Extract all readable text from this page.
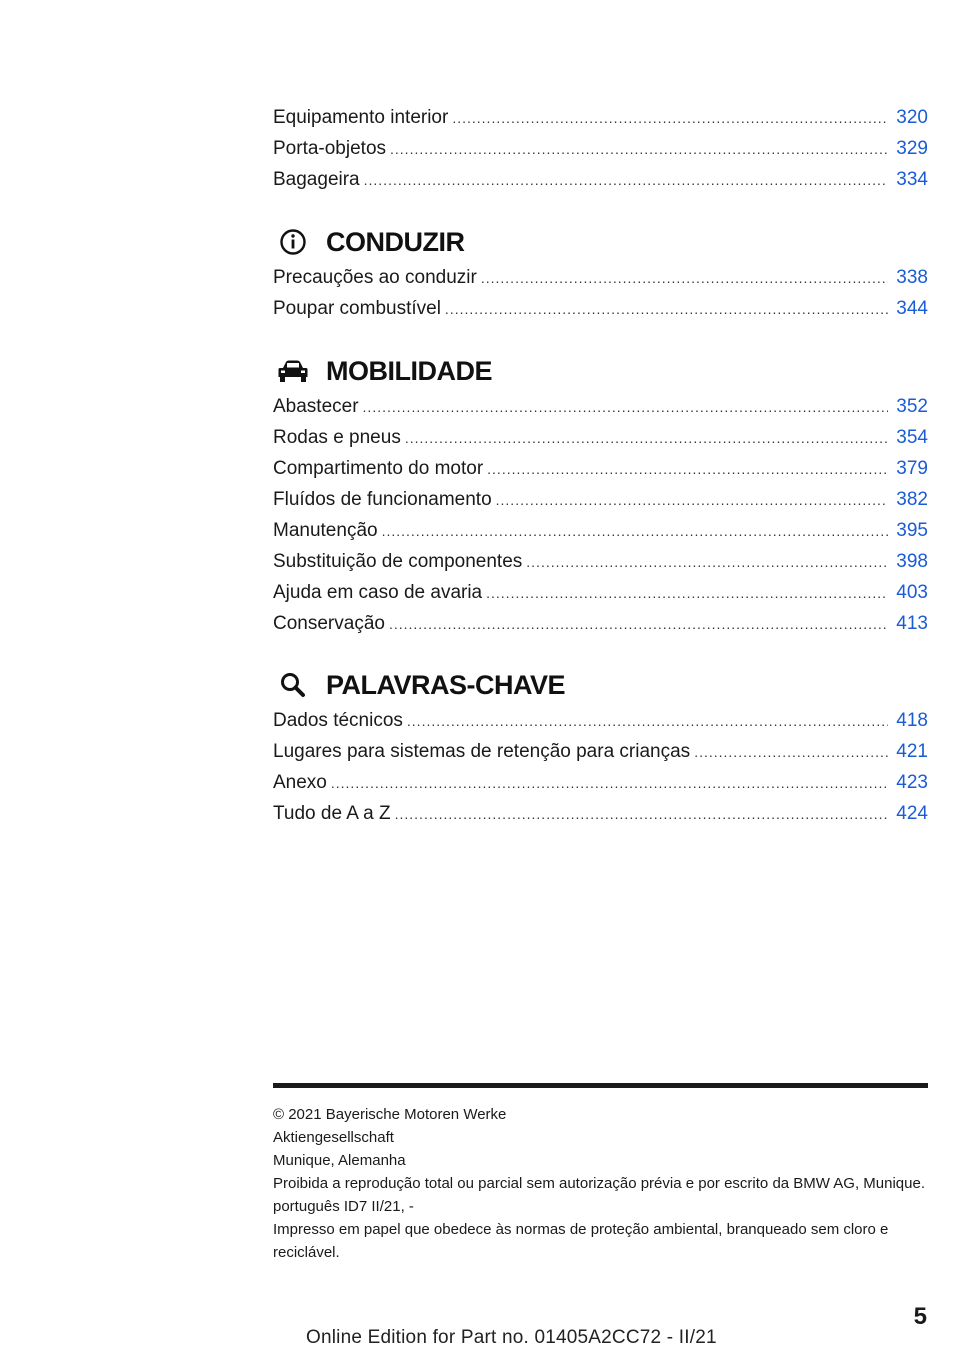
Equipamento interior .....	320
Porta-objetos .....	329
Bagageira .....	334
CONDUZIR
Precauções ao conduzir .....	338
Poupar combustível .....	344
MOBILIDADE
Abastecer .....	352
Rodas e pneus .....	354
Compartimento do motor .....	379
Fluídos de funcionamento .....	382
Manutenção .....	395
Substituição de componentes .....	398
Ajuda em caso de avaria .....	403
Conservação .....	413
PALAVRAS-CHAVE
Dados técnicos .....	418
Lugares para sistemas de retenção para crianças .....	421
Anexo .....	423
Tudo de A a Z .....	424
© 2021 Bayerische Motoren Werke
Aktiengesellschaft
Munique, Alemanha
Proibida a reprodução total ou parcial sem autorização prévia e por escrito da BMW AG, Munique.
português ID7 II/21, -
Impresso em papel que obedece às normas de proteção ambiental, branqueado sem cloro e reciclável.
5
Online Edition for Part no. 01405A2CC72 - II/21
